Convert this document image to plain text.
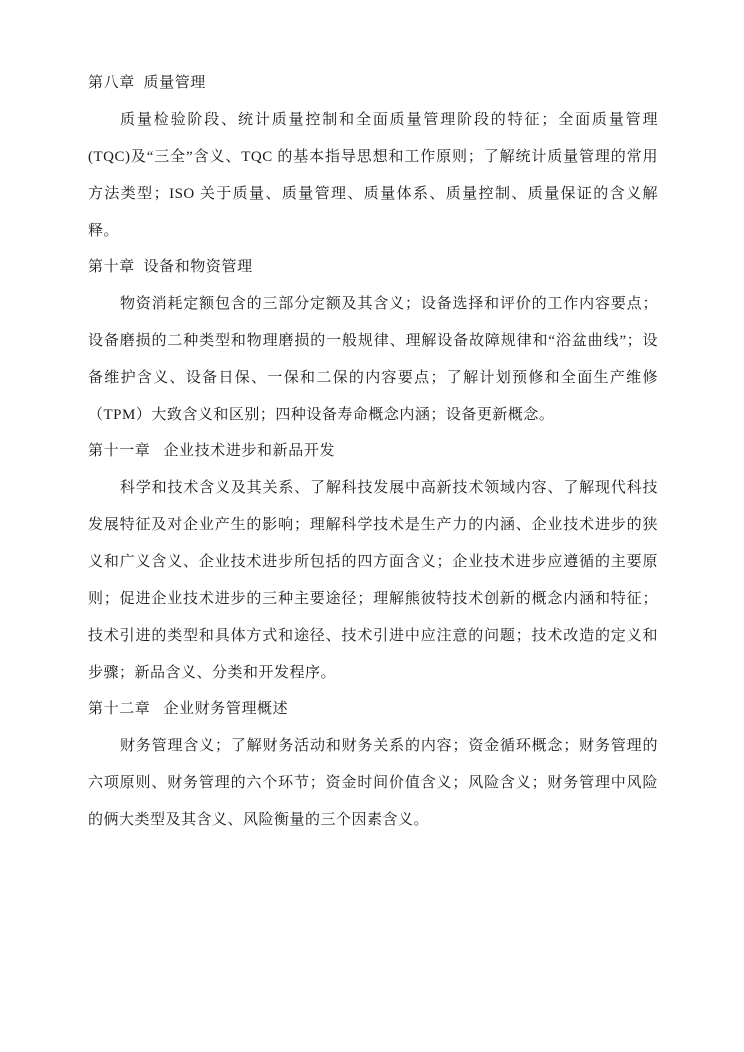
第八章  质量管理

质量检验阶段、统计质量控制和全面质量管理阶段的特征；全面质量管理(TQC)及“三全”含义、TQC 的基本指导思想和工作原则；了解统计质量管理的常用方法类型；ISO 关于质量、质量管理、质量体系、质量控制、质量保证的含义解释。

第十章  设备和物资管理

物资消耗定额包含的三部分定额及其含义；设备选择和评价的工作内容要点；设备磨损的二种类型和物理磨损的一般规律、理解设备故障规律和“浴盆曲线”；设备维护含义、设备日保、一保和二保的内容要点；了解计划预修和全面生产维修（TPM）大致含义和区别；四种设备寿命概念内涵；设备更新概念。

第十一章   企业技术进步和新品开发

科学和技术含义及其关系、了解科技发展中高新技术领域内容、了解现代科技发展特征及对企业产生的影响；理解科学技术是生产力的内涵、企业技术进步的狭义和广义含义、企业技术进步所包括的四方面含义；企业技术进步应遵循的主要原则；促进企业技术进步的三种主要途径；理解熊彼特技术创新的概念内涵和特征；技术引进的类型和具体方式和途径、技术引进中应注意的问题；技术改造的定义和步骤；新品含义、分类和开发程序。

第十二章   企业财务管理概述

财务管理含义；了解财务活动和财务关系的内容；资金循环概念；财务管理的六项原则、财务管理的六个环节；资金时间价值含义；风险含义；财务管理中风险的俩大类型及其含义、风险衡量的三个因素含义。
